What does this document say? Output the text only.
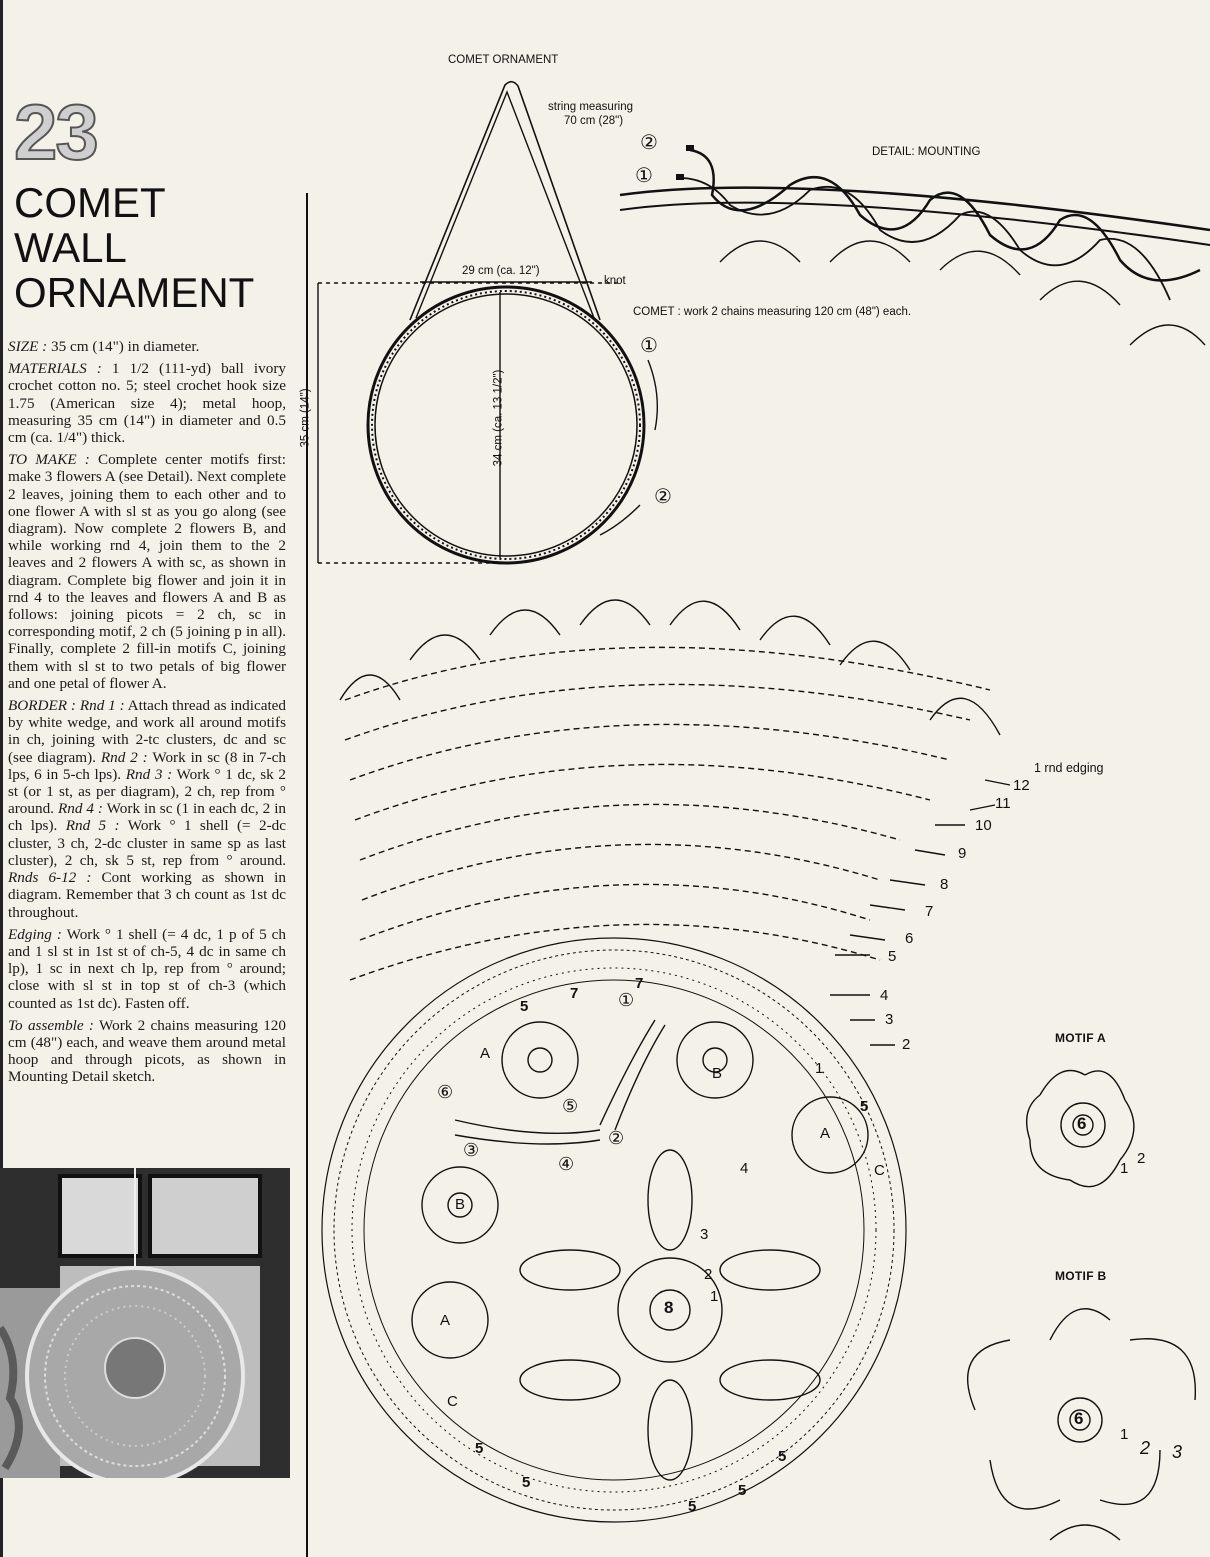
23
COMET
WALL
ORNAMENT

SIZE : 35 cm (14") in diameter.

MATERIALS : 1 1/2 (111-yd) ball ivory crochet cotton no. 5; steel crochet hook size 1.75 (American size 4); metal hoop, measuring 35 cm (14") in diameter and 0.5 cm (ca. 1/4") thick.

TO MAKE : Complete center motifs first: make 3 flowers A (see Detail). Next complete 2 leaves, joining them to each other and to one flower A with sl st as you go along (see diagram). Now complete 2 flowers B, and while working rnd 4, join them to the 2 leaves and 2 flowers A with sc, as shown in diagram. Complete big flower and join it in rnd 4 to the leaves and flowers A and B as follows: joining picots = 2 ch, sc in corresponding motif, 2 ch (5 joining p in all). Finally, complete 2 fill-in motifs C, joining them with sl st to two petals of big flower and one petal of flower A.

BORDER : Rnd 1 : Attach thread as indicated by white wedge, and work all around motifs in ch, joining with 2-tc clusters, dc and sc (see diagram). Rnd 2 : Work in sc (8 in 7-ch lps, 6 in 5-ch lps). Rnd 3 : Work ° 1 dc, sk 2 st (or 1 st, as per diagram), 2 ch, rep from ° around. Rnd 4 : Work in sc (1 in each dc, 2 in ch lps). Rnd 5 : Work ° 1 shell (= 2-dc cluster, 3 ch, 2-dc cluster in same sp as last cluster), 2 ch, sk 5 st, rep from ° around. Rnds 6-12 : Cont working as shown in diagram. Remember that 3 ch count as 1st dc throughout.

Edging : Work ° 1 shell (= 4 dc, 1 p of 5 ch and 1 sl st in 1st st of ch-5, 4 dc in same ch lp), 1 sc in next ch lp, rep from ° around; close with sl st in top st of ch-3 (which counted as 1st dc). Fasten off.

To assemble : Work 2 chains measuring 120 cm (48") each, and weave them around metal hoop and through picots, as shown in Mounting Detail sketch.

COMET ORNAMENT
string measuring
70 cm (28")
DETAIL: MOUNTING
29 cm (ca. 12")
knot
COMET : work 2 chains measuring 120 cm (48") each.
35 cm (14")	34 cm (ca. 13 1/2")
①
②
②
①
1 rnd edging
12
11
10
9
8
7
6
5
4
3
2
A
B
A
C
B
A
C
5
7
7
5
8
5
5
5
5
5
1
4
3
2
1
①
②
③
④
⑤
⑥
MOTIF A
6
1
2
MOTIF B
6
1
2 3
